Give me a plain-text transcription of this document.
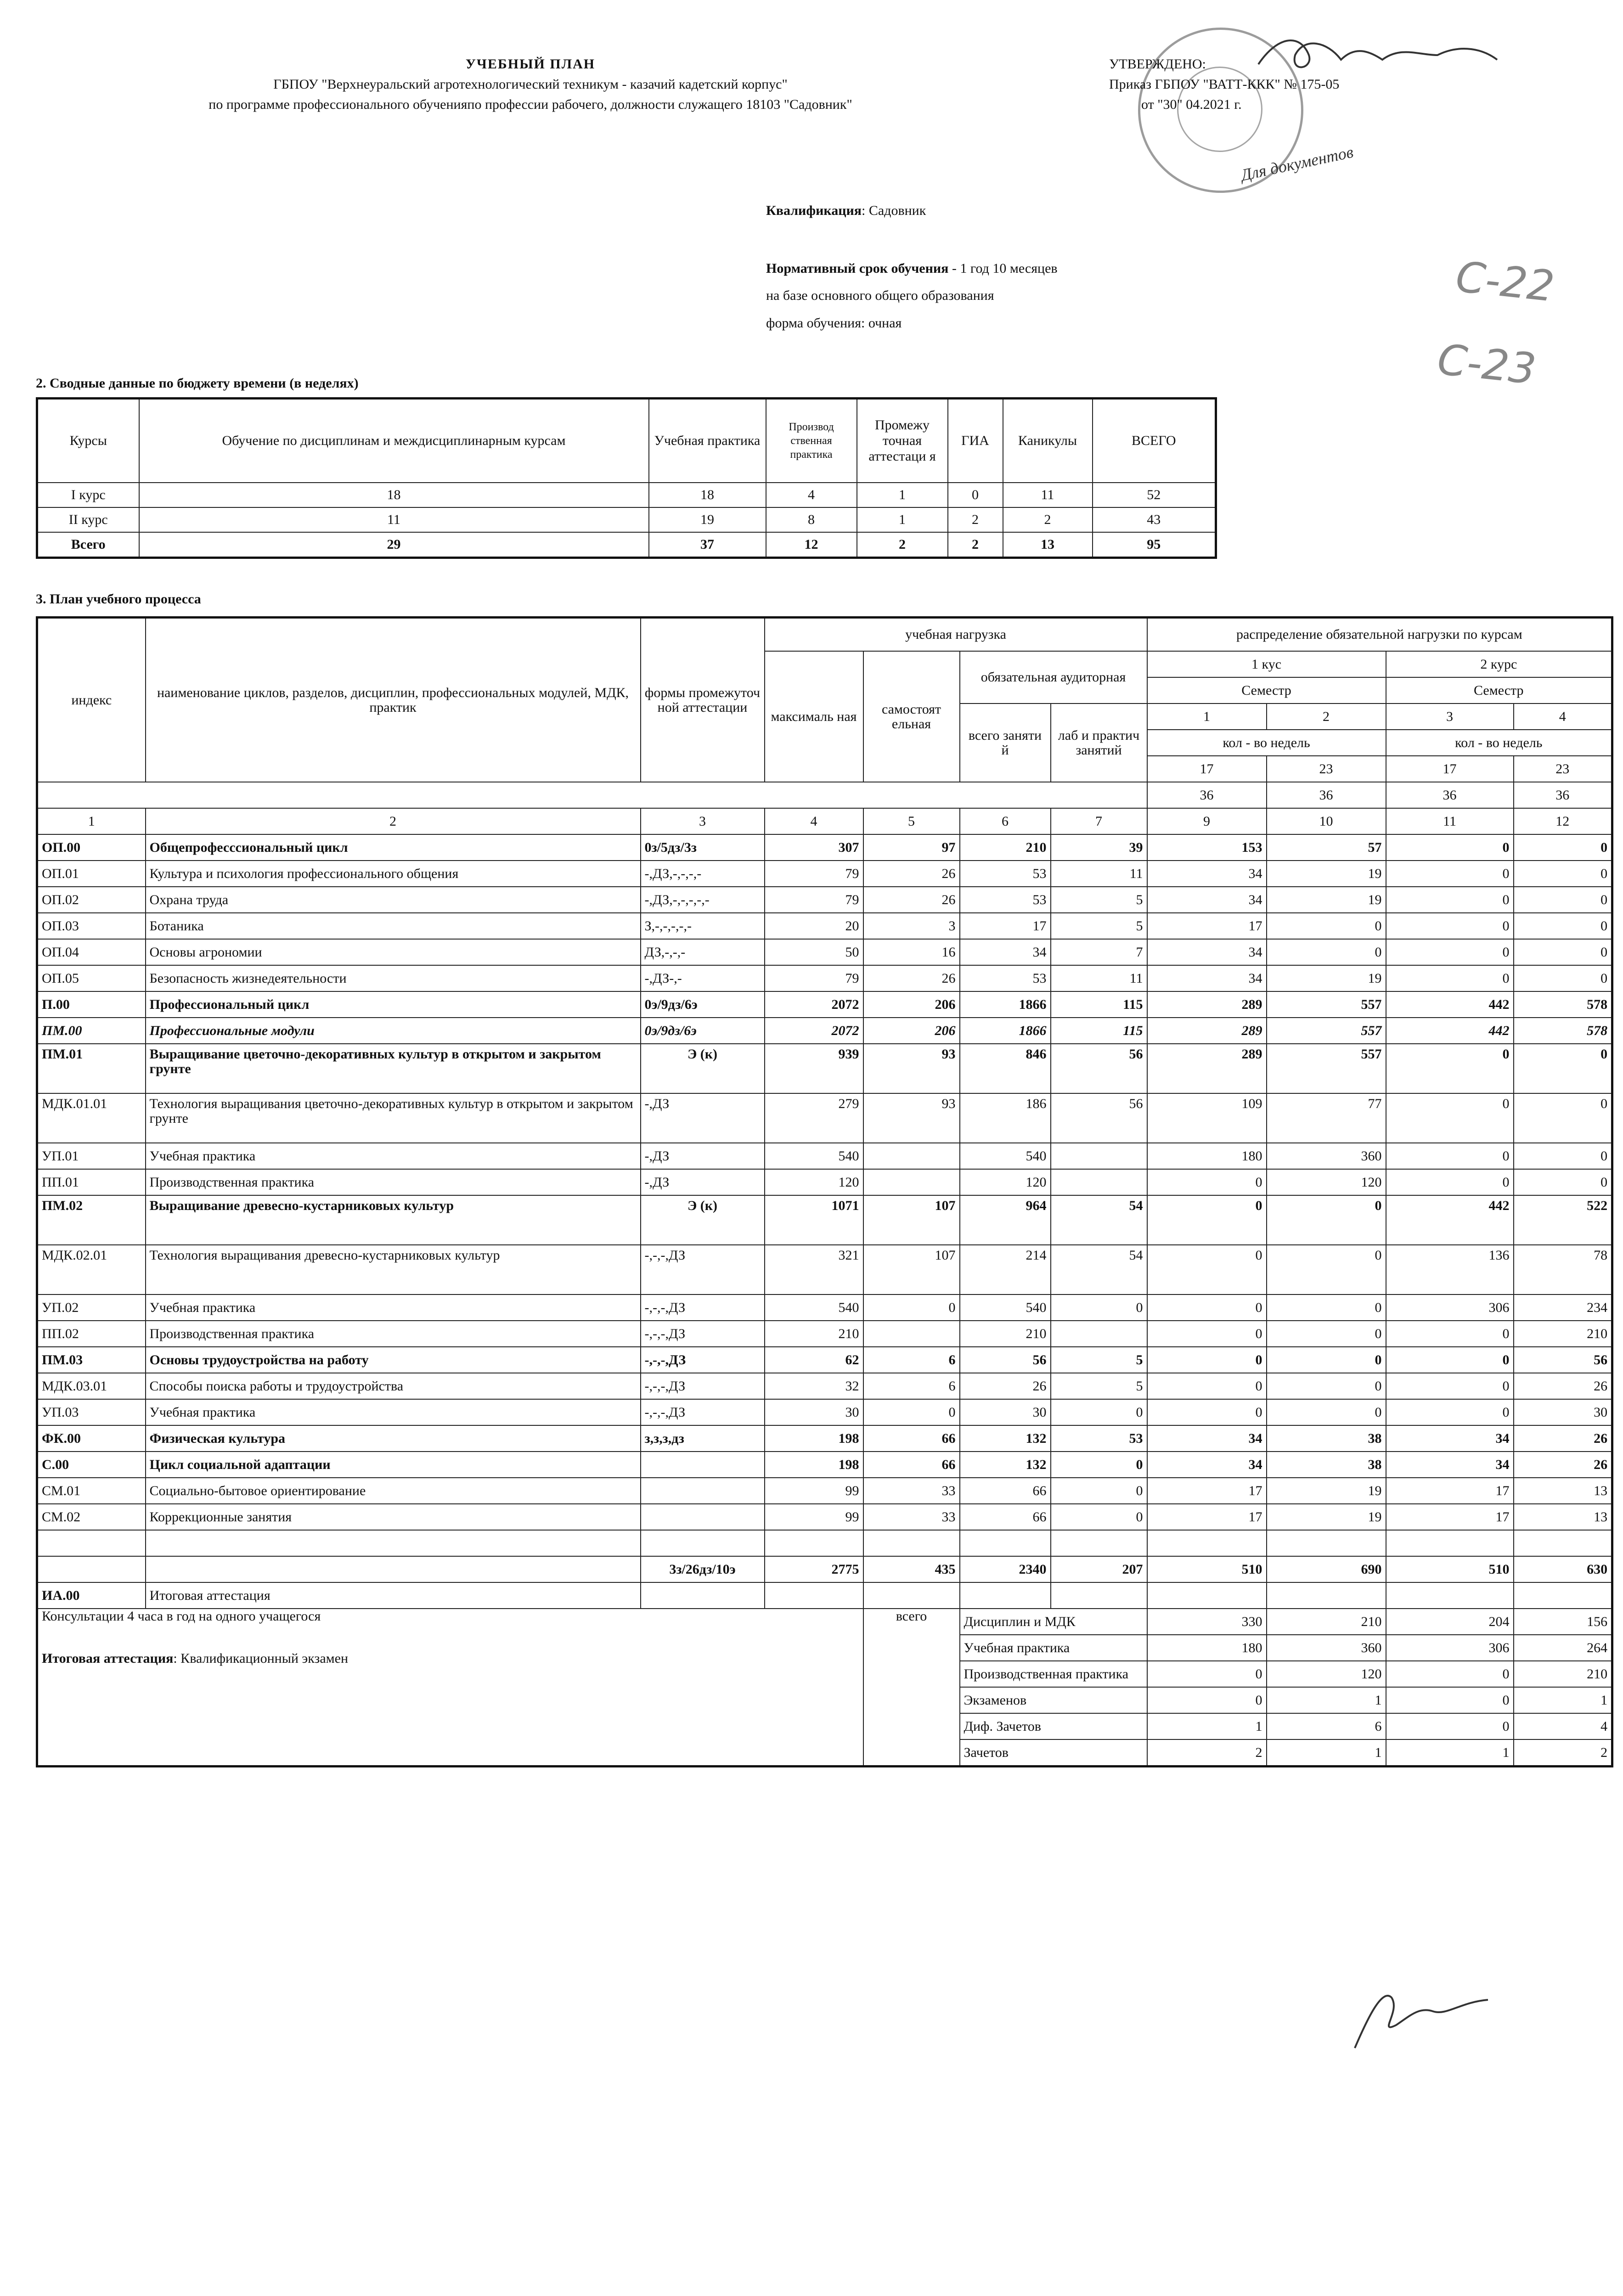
УЧЕБНЫЙ ПЛАН
ГБПОУ "Верхнеуральский агротехнологический техникум - казачий кадетский корпус"
по программе профессионального обученияпо профессии рабочего, должности служащего 18103 "Садовник"
УТВЕРЖДЕНО:
Приказ ГБПОУ "ВАТТ-ККК" № 175-05
от "30" 04.2021 г.
Для документов
Квалификация: Садовник
Нормативный срок обучения - 1 год 10 месяцев
на базе основного общего образования
форма обучения: очная
С-22
С-23
2. Сводные данные по бюджету времени (в неделях)
Курсы	Обучение по дисциплинам и междисциплинарным курсам	Учебная практика	Производ ственная практика	Промежу точная аттестаци я	ГИА	Каникулы	ВСЕГО
I курс	18	18	4	1	0	11	52
II курс	11	19	8	1	2	2	43
Всего	29	37	12	2	2	13	95
3. План учебного процесса
индекс	наименование циклов, разделов, дисциплин, профессиональных модулей, МДК, практик	формы промежуточ ной аттестации	учебная нагрузка				распределение обязательной нагрузки по курсам			
			максималь ная	самостоят ельная	обязательная аудиторная		1 кус		2 курс	
							Семестр		Семестр	
					всего заняти й	лаб и практич занятий	1	2	3	4
							кол - во недель		кол - во недель	
							17	23	17	23
							36	36	36	36
1	2	3	4	5	6	7	9	10	11	12
ОП.00	Общепрофесссиональный цикл	0з/5дз/3з	307	97	210	39	153	57	0	0
ОП.01	Культура и психология профессионального общения	-,ДЗ,-,-,-,-	79	26	53	11	34	19	0	0
ОП.02	Охрана труда	-,ДЗ,-,-,-,-,-	79	26	53	5	34	19	0	0
ОП.03	Ботаника	З,-,-,-,-,-	20	3	17	5	17	0	0	0
ОП.04	Основы агрономии	ДЗ,-,-,-	50	16	34	7	34	0	0	0
ОП.05	Безопасность жизнедеятельности	-,ДЗ-,-	79	26	53	11	34	19	0	0
П.00	Профессиональный цикл	0э/9дз/6э	2072	206	1866	115	289	557	442	578
ПМ.00	Профессиональные модули	0э/9дз/6э	2072	206	1866	115	289	557	442	578
ПМ.01	Выращивание цветочно-декоративных культур в открытом и закрытом грунте	Э (к)	939	93	846	56	289	557	0	0
МДК.01.01	Технология выращивания цветочно-декоративных культур в открытом и закрытом грунте	-,ДЗ	279	93	186	56	109	77	0	0
УП.01	Учебная практика	-,ДЗ	540		540		180	360	0	0
ПП.01	Производственная практика	-,ДЗ	120		120		0	120	0	0
ПМ.02	Выращивание древесно-кустарниковых культур	Э (к)	1071	107	964	54	0	0	442	522
МДК.02.01	Технология выращивания древесно-кустарниковых культур	-,-,-,ДЗ	321	107	214	54	0	0	136	78
УП.02	Учебная практика	-,-,-,ДЗ	540	0	540	0	0	0	306	234
ПП.02	Производственная практика	-,-,-,ДЗ	210		210		0	0	0	210
ПМ.03	Основы трудоустройства на работу	-,-,-,ДЗ	62	6	56	5	0	0	0	56
МДК.03.01	Способы поиска работы и трудоустройства	-,-,-,ДЗ	32	6	26	5	0	0	0	26
УП.03	Учебная практика	-,-,-,ДЗ	30	0	30	0	0	0	0	30
ФК.00	Физическая культура	з,з,з,дз	198	66	132	53	34	38	34	26
С.00	Цикл социальной адаптации		198	66	132	0	34	38	34	26
СМ.01	Социально-бытовое ориентирование		99	33	66	0	17	19	17	13
СМ.02	Коррекционные занятия		99	33	66	0	17	19	17	13

		3з/26дз/10э	2775	435	2340	207	510	690	510	630
ИА.00	Итоговая аттестация									

Консультации 4 часа в год на одного учащегося
Итоговая аттестация: Квалификационный экзамен				всего	Дисциплин и МДК		330	210	204	156
					Учебная практика		180	360	306	264
					Производственная практика		0	120	0	210
					Экзаменов		0	1	0	1
					Диф. Зачетов		1	6	0	4
					Зачетов		2	1	1	2
